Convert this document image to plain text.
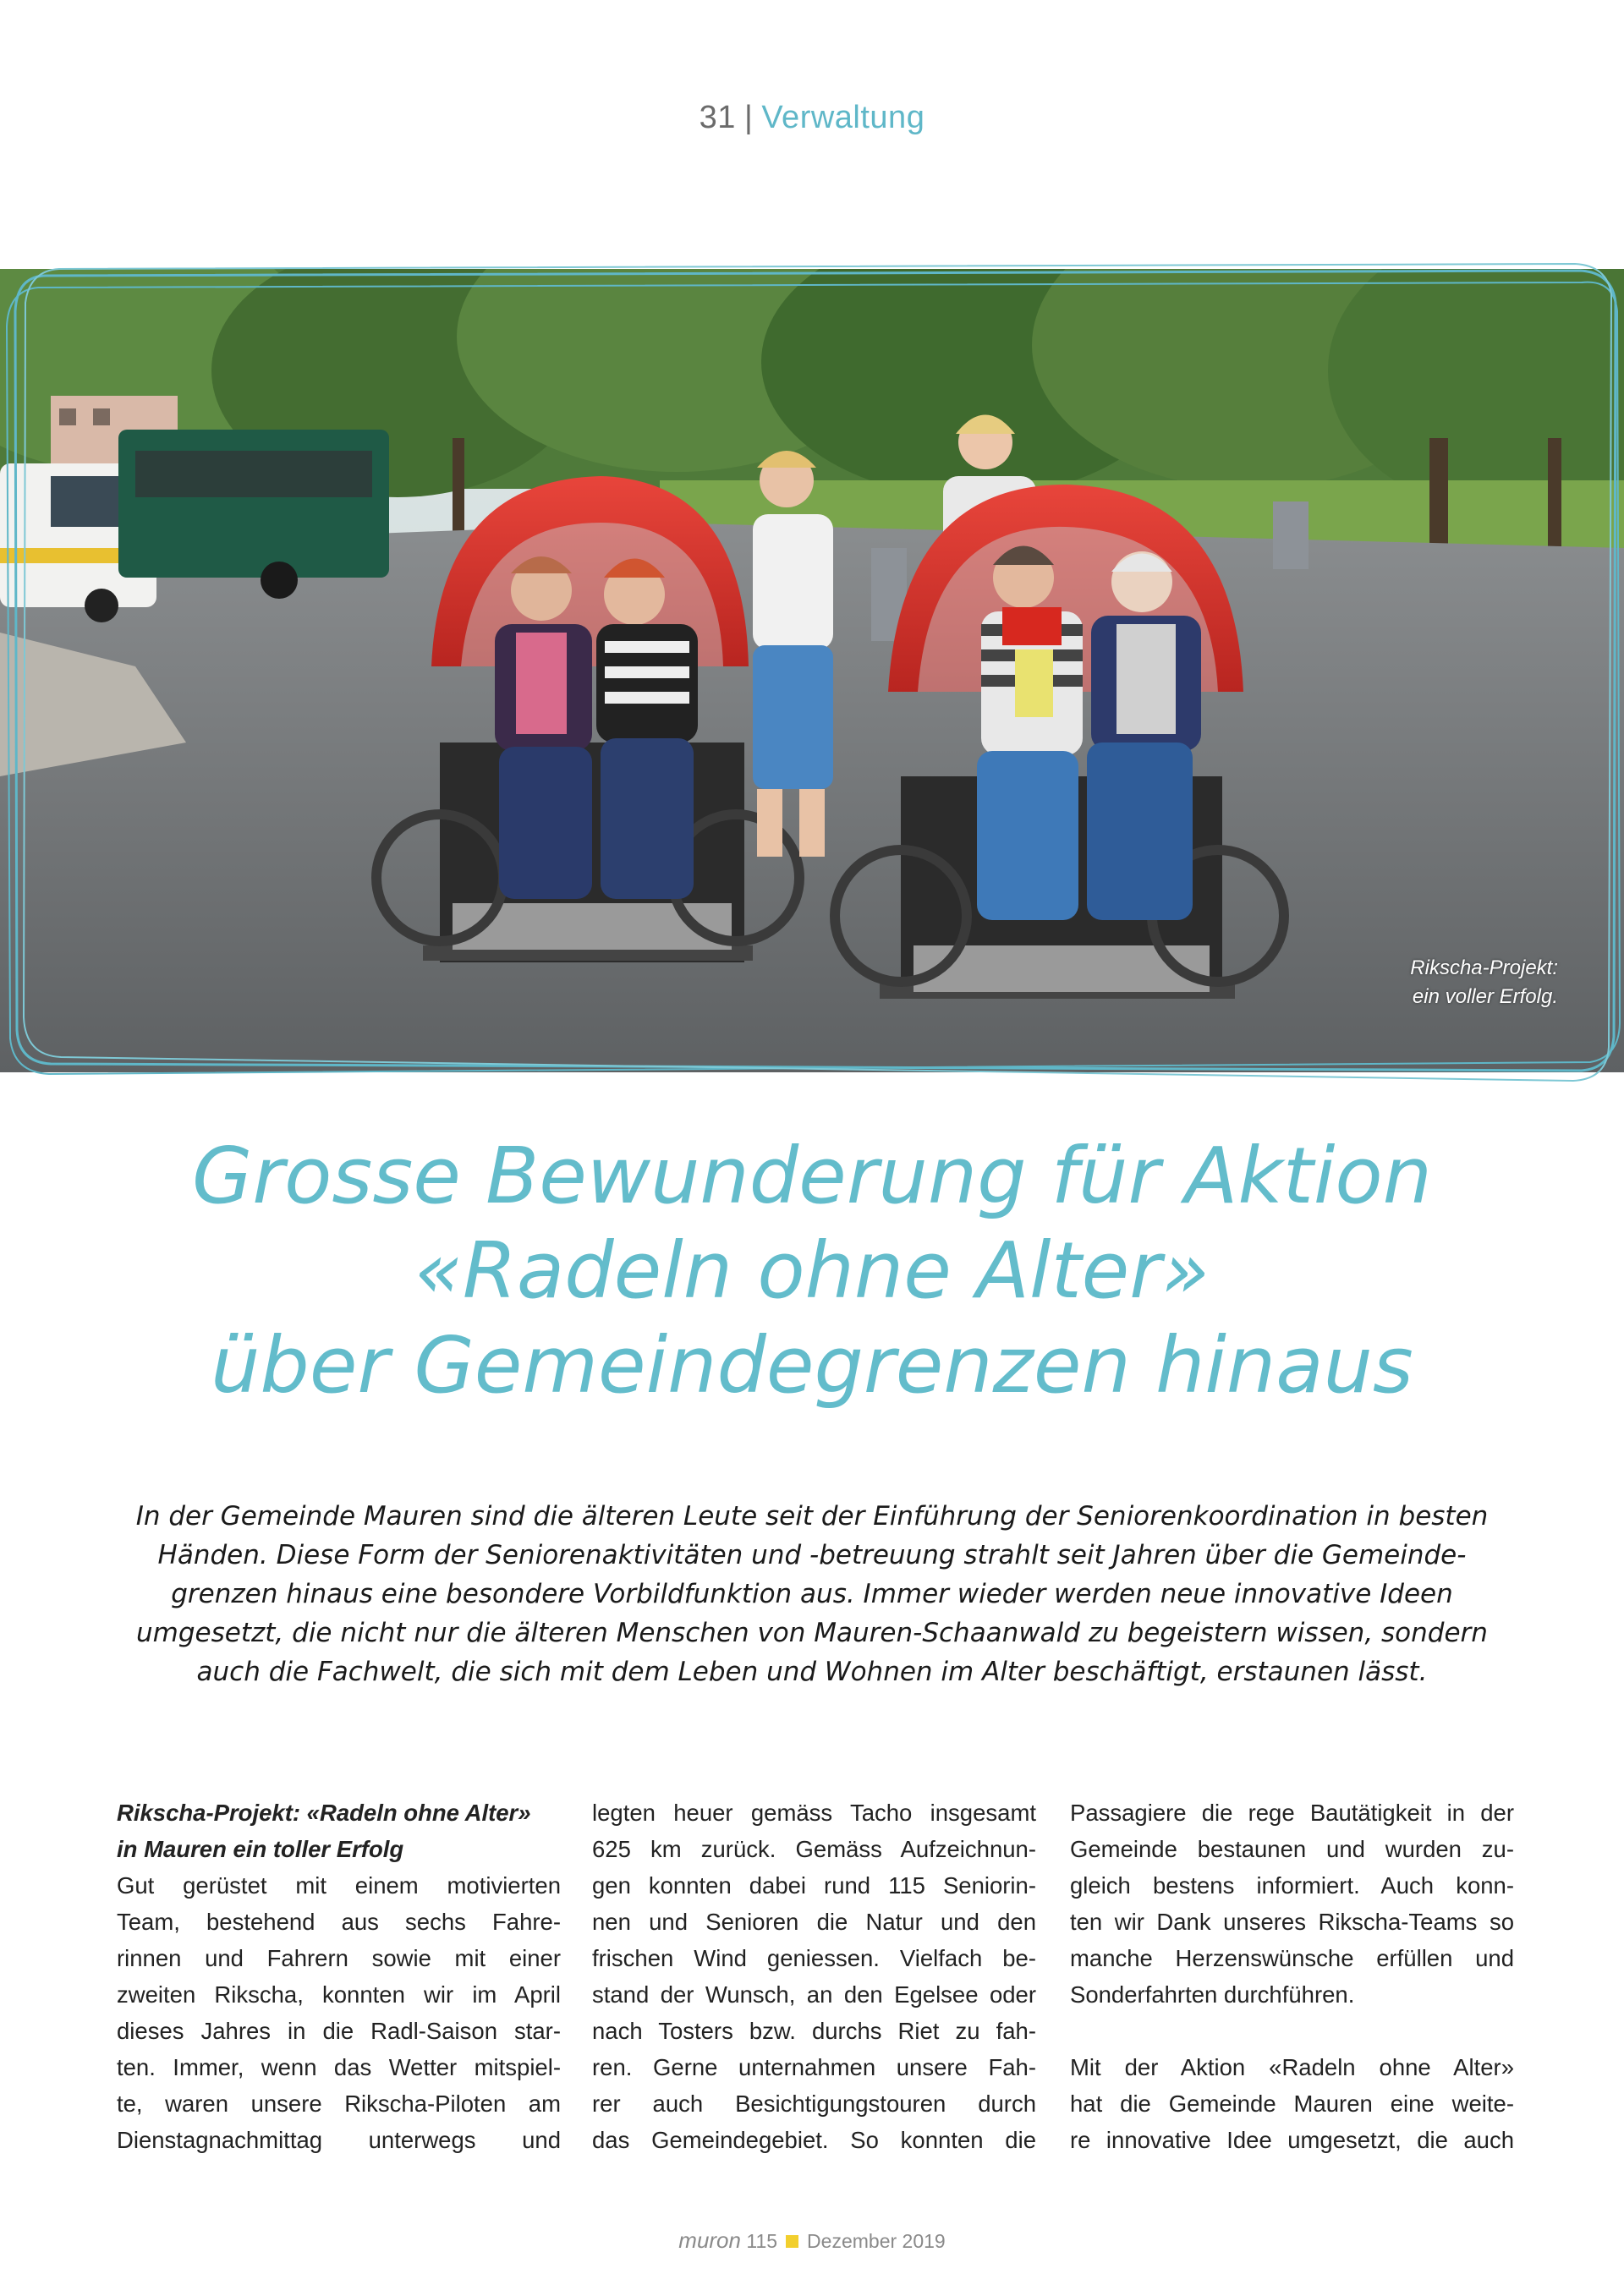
31 | Verwaltung
Rikscha-Projekt:
ein voller Erfolg.
Grosse Bewunderung für Aktion
«Radeln ohne Alter»
über Gemeindegrenzen hinaus
In der Gemeinde Mauren sind die älteren Leute seit der Einführung der Seniorenkoordination in besten
Händen. Diese Form der Seniorenaktivitäten und -betreuung strahlt seit Jahren über die Gemeinde-
grenzen hinaus eine besondere Vorbildfunktion aus. Immer wieder werden neue innovative Ideen
umgesetzt, die nicht nur die älteren Menschen von Mauren-Schaanwald zu begeistern wissen, sondern
auch die Fachwelt, die sich mit dem Leben und Wohnen im Alter beschäftigt, erstaunen lässt.
Rikscha-Projekt: «Radeln ohne Alter»
in Mauren ein toller Erfolg
Gut gerüstet mit einem motivierten
Team, bestehend aus sechs Fahre-
rinnen und Fahrern sowie mit einer
zweiten Rikscha, konnten wir im April
dieses Jahres in die Radl-Saison star-
ten. Immer, wenn das Wetter mitspiel-
te, waren unsere Rikscha-Piloten am
Dienstagnachmittag unterwegs und
legten heuer gemäss Tacho insgesamt
625 km zurück. Gemäss Aufzeichnun-
gen konnten dabei rund 115 Seniorin-
nen und Senioren die Natur und den
frischen Wind geniessen. Vielfach be-
stand der Wunsch, an den Egelsee oder
nach Tosters bzw. durchs Riet zu fah-
ren. Gerne unternahmen unsere Fah-
rer auch Besichtigungstouren durch
das Gemeindegebiet. So konnten die
Passagiere die rege Bautätigkeit in der
Gemeinde bestaunen und wurden zu-
gleich bestens informiert. Auch konn-
ten wir Dank unseres Rikscha-Teams so
manche Herzenswünsche erfüllen und
Sonderfahrten durchführen.
Mit der Aktion «Radeln ohne Alter»
hat die Gemeinde Mauren eine weite-
re innovative Idee umgesetzt, die auch
muron 115 Dezember 2019
